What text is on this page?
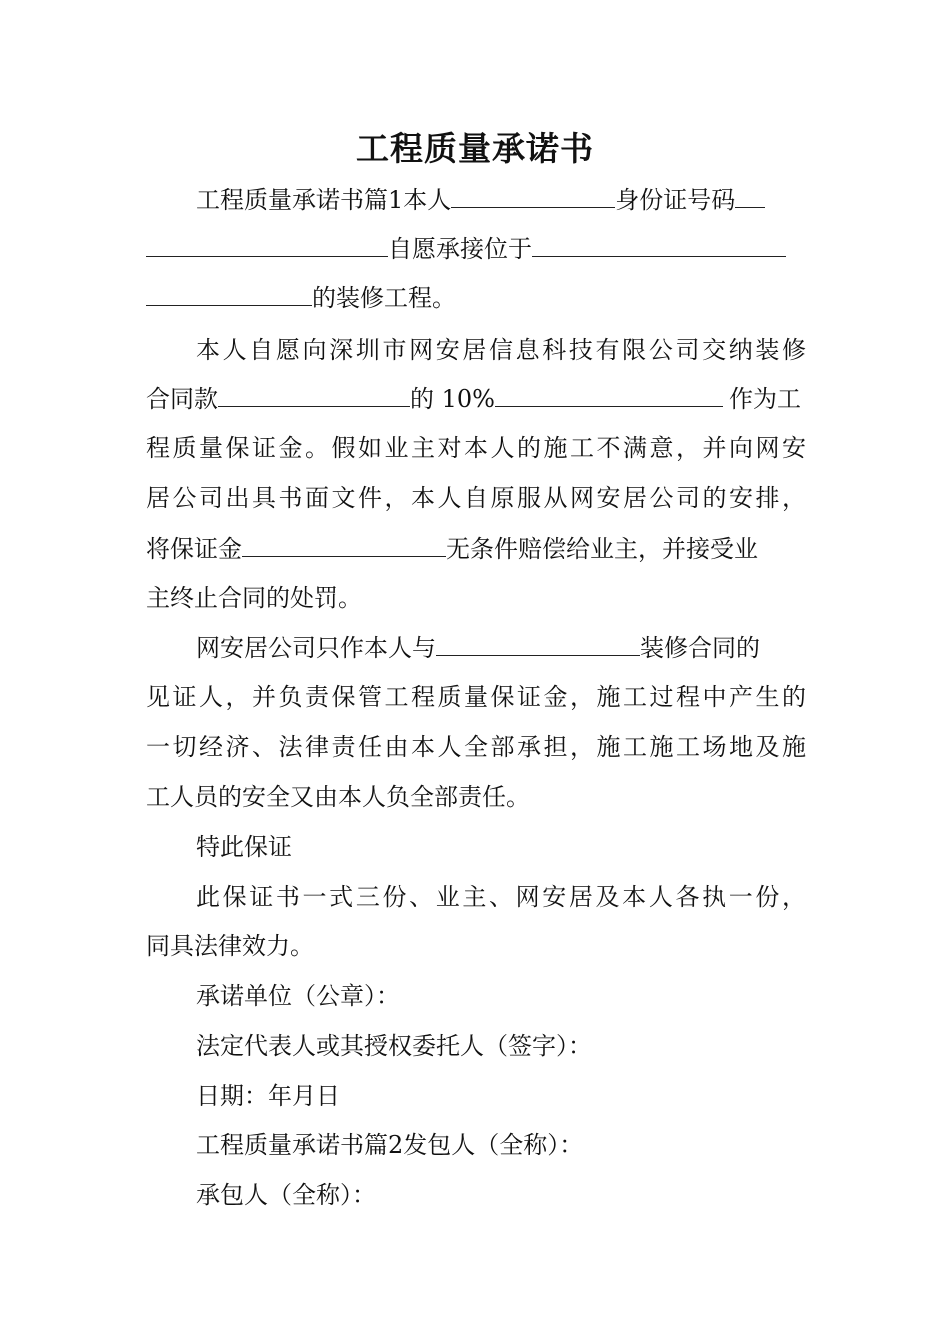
工程质量承诺书
工程质量承诺书篇1本人	身份证号码
自愿承接位于
的装修工程。
本人自愿向深圳市网安居信息科技有限公司交纳装修
合同款	的 10%	作为工
程质量保证金。假如业主对本人的施工不满意，并向网安
居公司出具书面文件，本人自原服从网安居公司的安排，
将保证金	无条件赔偿给业主，并接受业
主终止合同的处罚。
网安居公司只作本人与	装修合同的
见证人，并负责保管工程质量保证金，施工过程中产生的
一切经济、法律责任由本人全部承担，施工施工场地及施
工人员的安全又由本人负全部责任。
特此保证
此保证书一式三份、业主、网安居及本人各执一份，
同具法律效力。
承诺单位（公章）：
法定代表人或其授权委托人（签字）：
日期：年月日
工程质量承诺书篇2发包人（全称）：
承包人（全称）：
